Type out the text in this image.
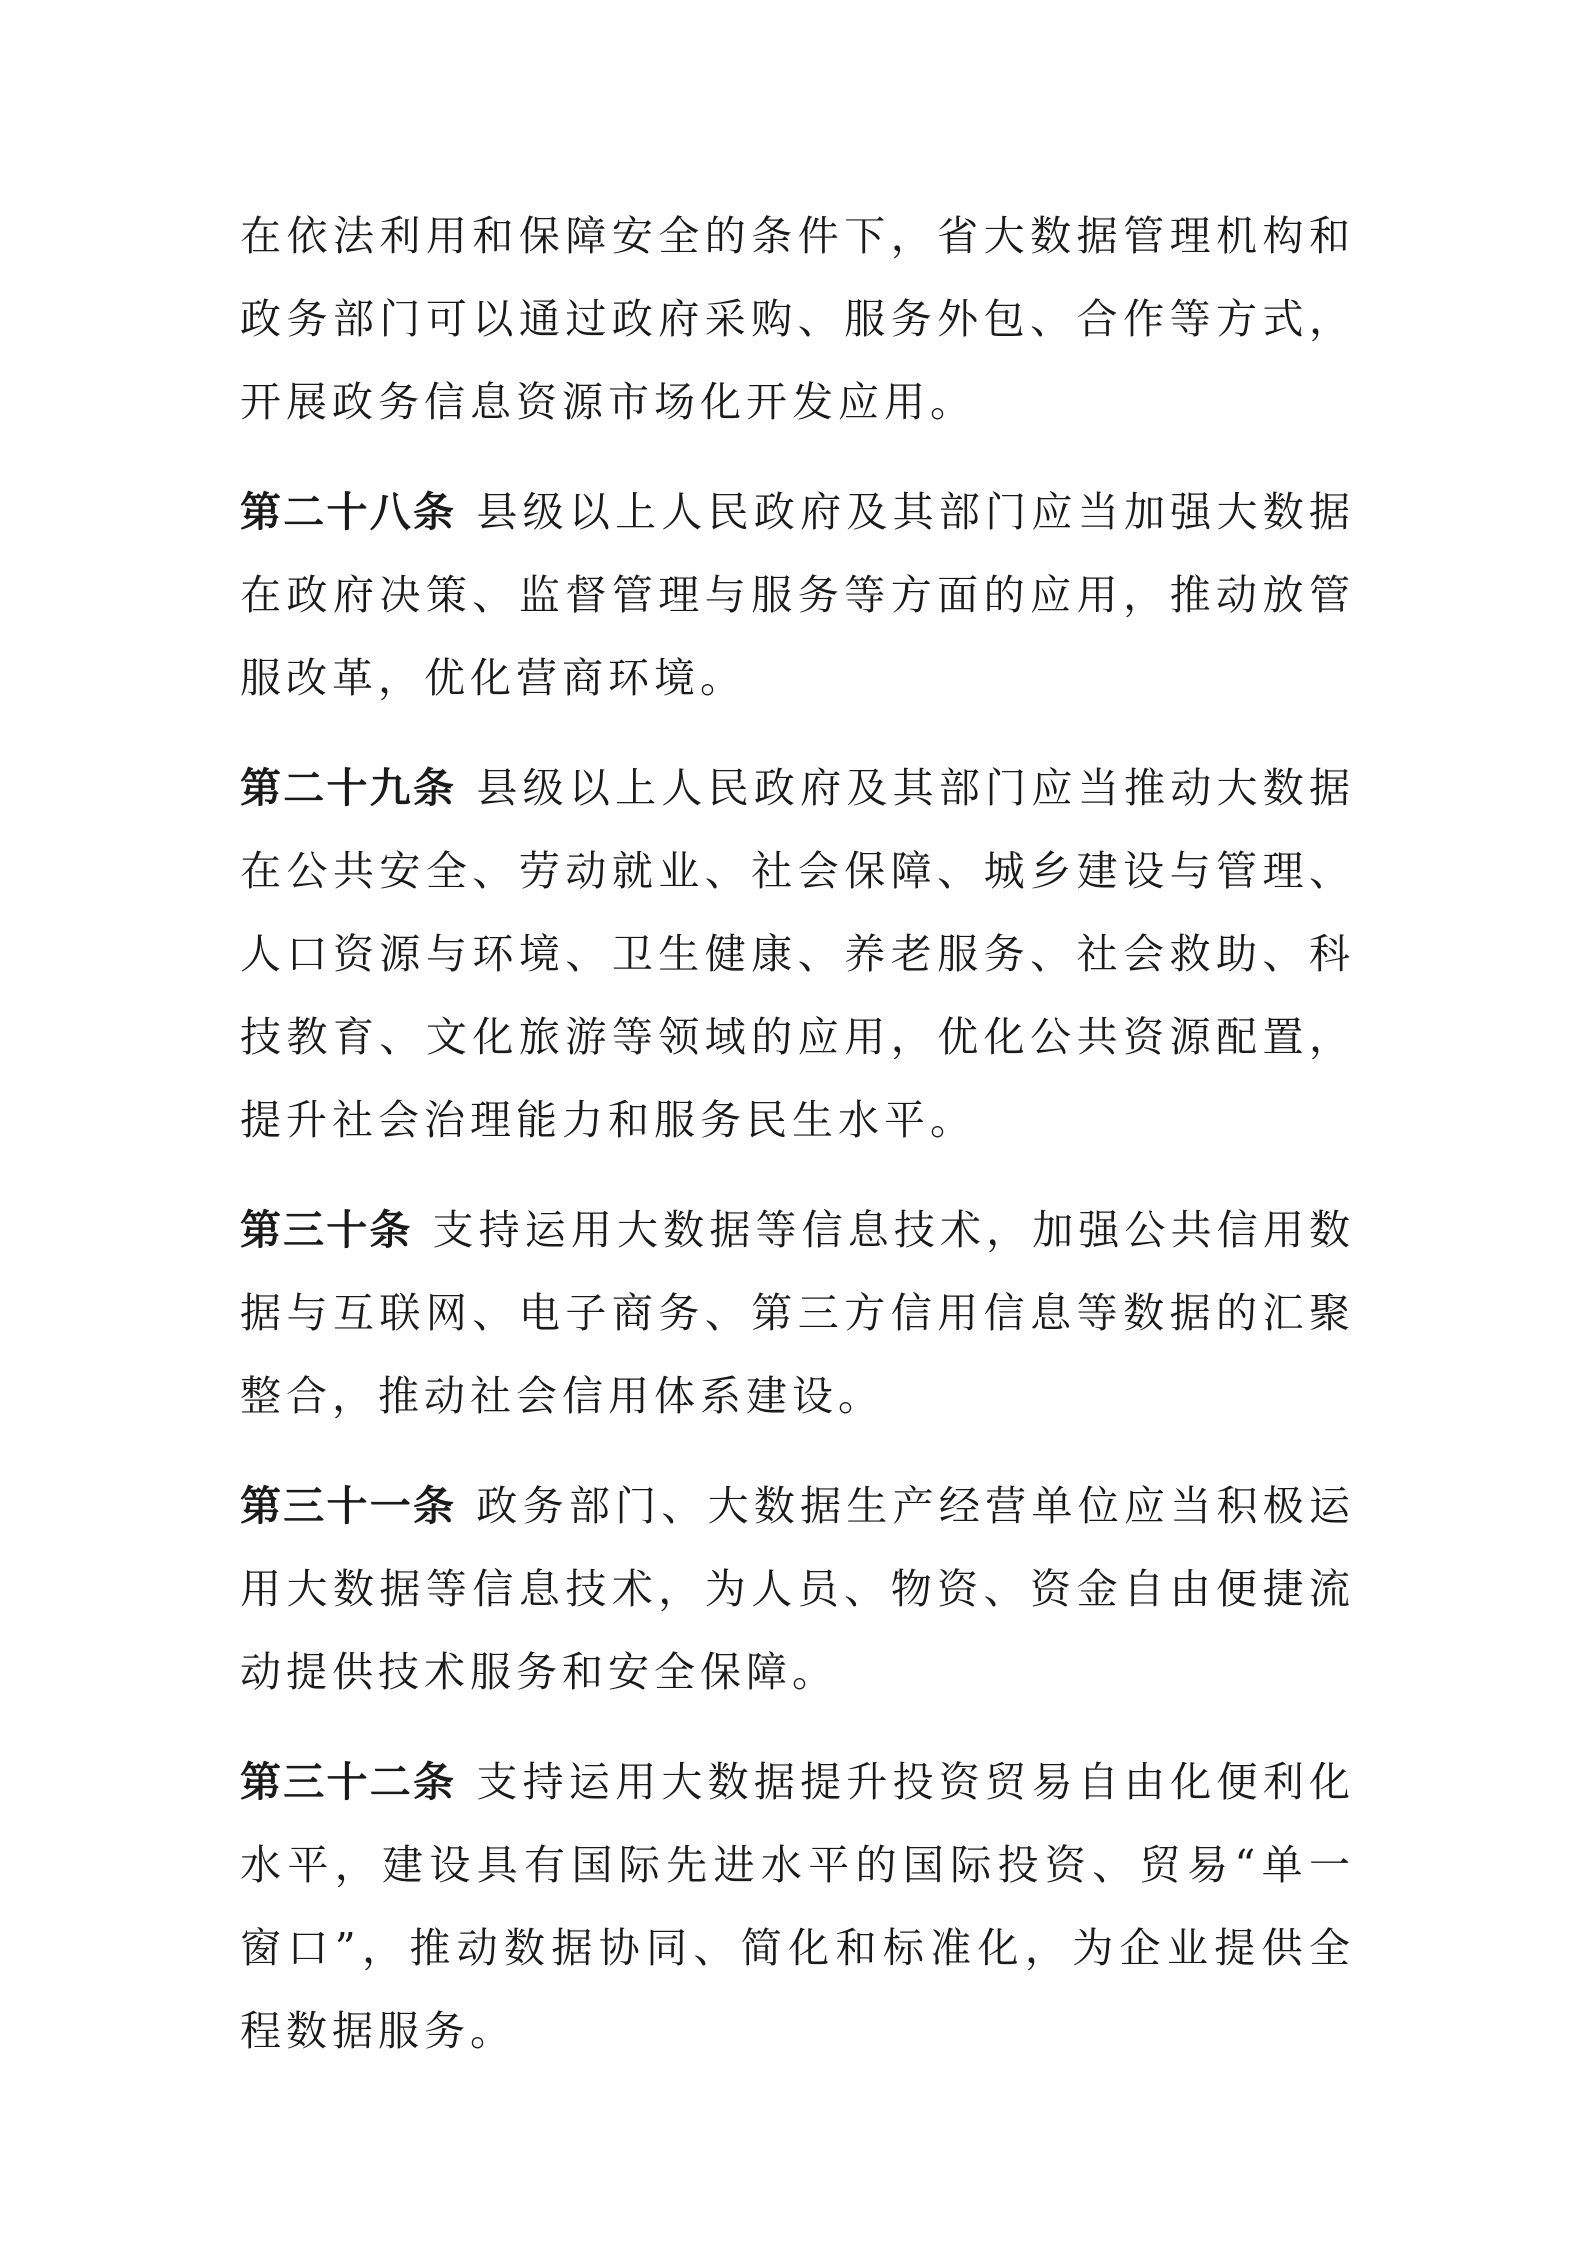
在依法利用和保障安全的条件下，省大数据管理机构和政务部门可以通过政府采购、服务外包、合作等方式，开展政务信息资源市场化开发应用。

第二十八条 县级以上人民政府及其部门应当加强大数据在政府决策、监督管理与服务等方面的应用，推动放管服改革，优化营商环境。

第二十九条 县级以上人民政府及其部门应当推动大数据在公共安全、劳动就业、社会保障、城乡建设与管理、人口资源与环境、卫生健康、养老服务、社会救助、科技教育、文化旅游等领域的应用，优化公共资源配置，提升社会治理能力和服务民生水平。

第三十条 支持运用大数据等信息技术，加强公共信用数据与互联网、电子商务、第三方信用信息等数据的汇聚整合，推动社会信用体系建设。

第三十一条 政务部门、大数据生产经营单位应当积极运用大数据等信息技术，为人员、物资、资金自由便捷流动提供技术服务和安全保障。

第三十二条 支持运用大数据提升投资贸易自由化便利化水平，建设具有国际先进水平的国际投资、贸易“单一窗口”，推动数据协同、简化和标准化，为企业提供全程数据服务。
